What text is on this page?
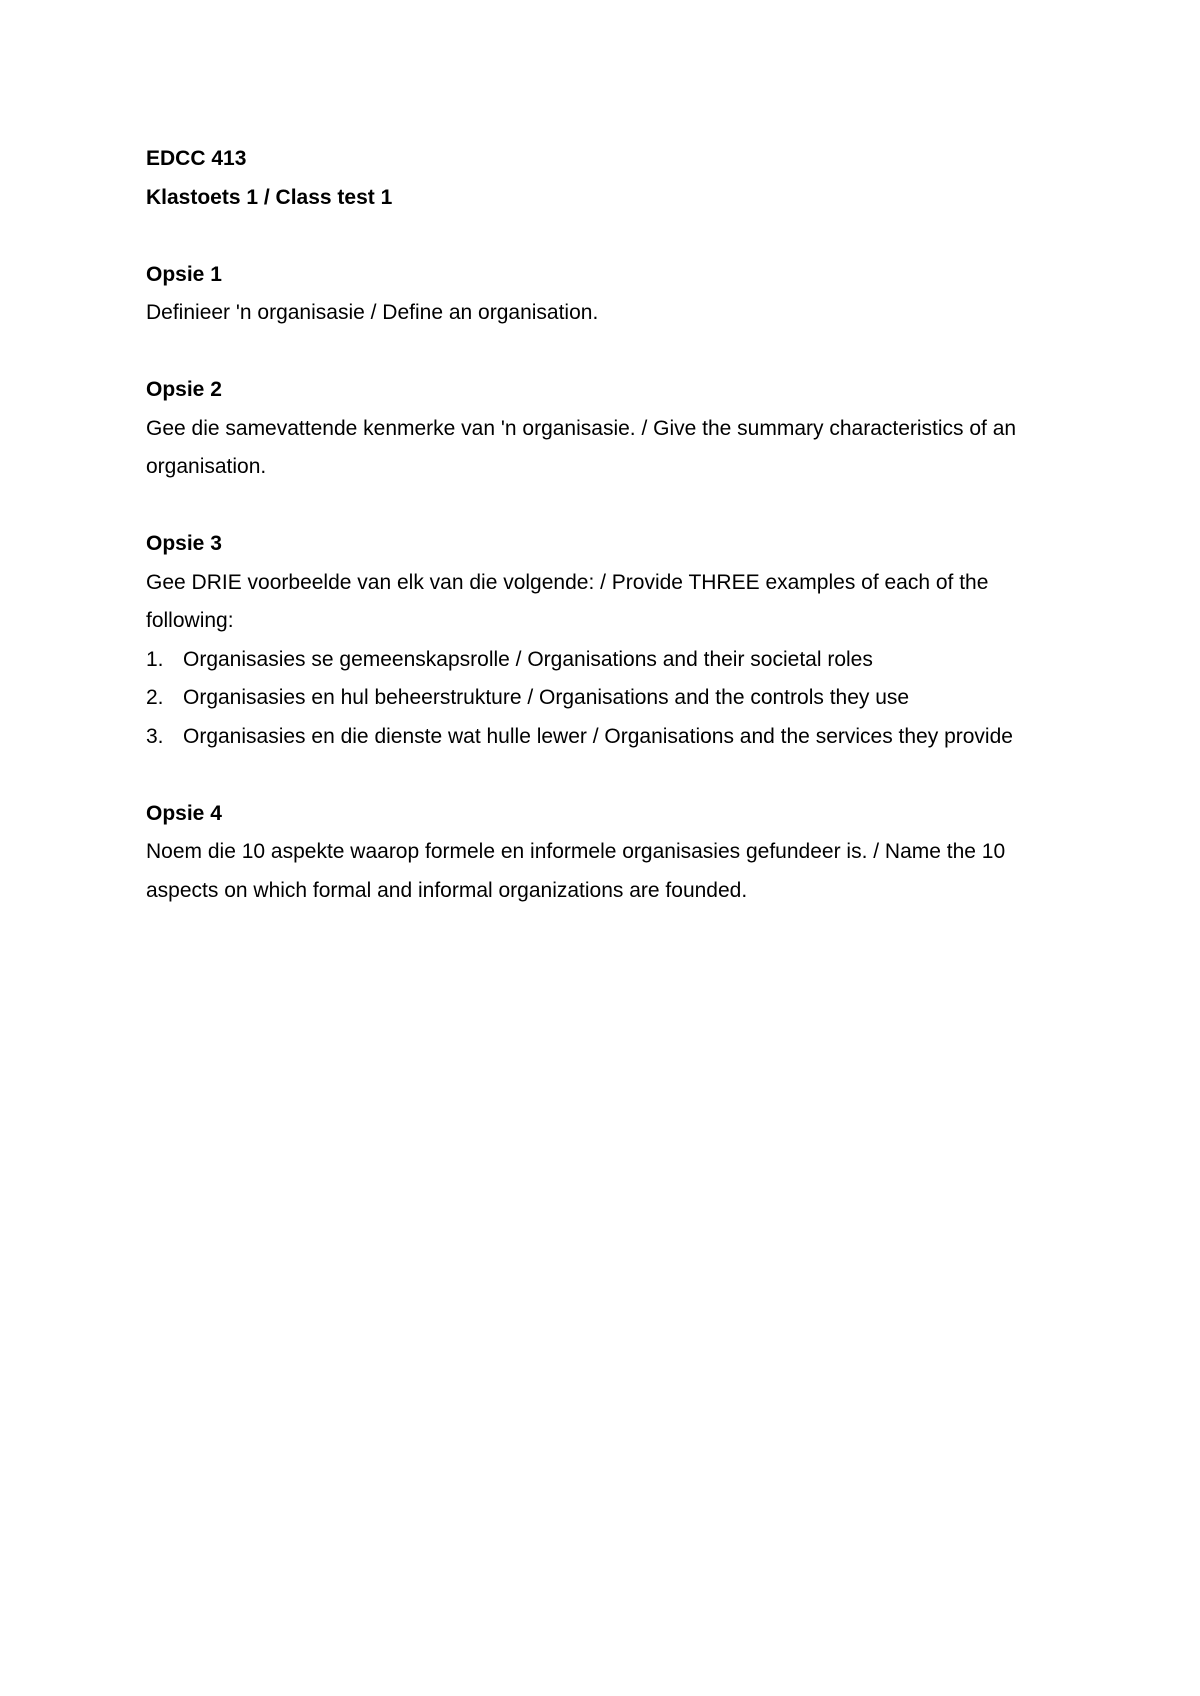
EDCC 413

Klastoets 1 / Class test 1

Opsie 1

Definieer 'n organisasie / Define an organisation.

Opsie 2

Gee die samevattende kenmerke van 'n organisasie. / Give the summary characteristics of an organisation.

Opsie 3

Gee DRIE voorbeelde van elk van die volgende: / Provide THREE examples of each of the following:

1. Organisasies se gemeenskapsrolle / Organisations and their societal roles
2. Organisasies en hul beheerstrukture / Organisations and the controls they use
3. Organisasies en die dienste wat hulle lewer / Organisations and the services they provide

Opsie 4

Noem die 10 aspekte waarop formele en informele organisasies gefundeer is. / Name the 10 aspects on which formal and informal organizations are founded.
